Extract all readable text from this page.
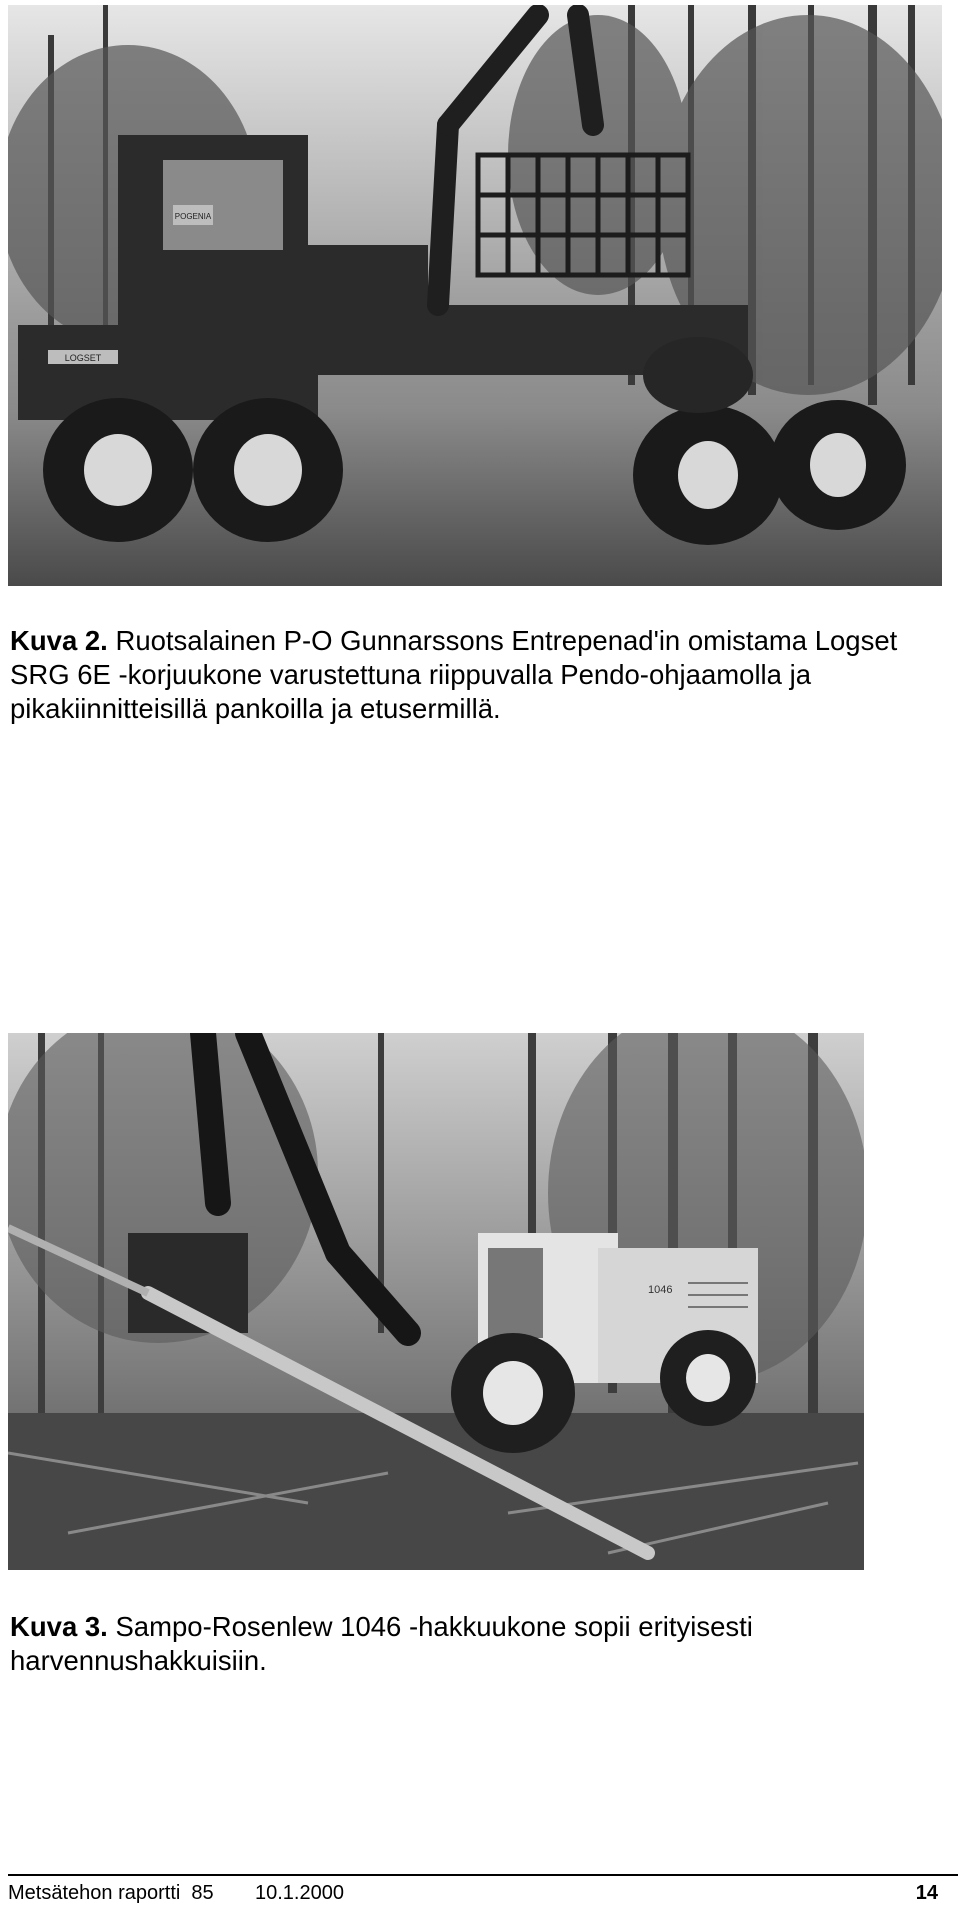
POGENIA
LOGSET

Kuva 2. Ruotsalainen P-O Gunnarssons Entrepenad'in omistama Logset SRG 6E -korjuukone varustettuna riippuvalla Pendo-ohjaamolla ja pikakiinnitteisillä pankoilla ja etusermillä.

1046

Kuva 3. Sampo-Rosenlew 1046 -hakkuukone sopii erityisesti harvennushakkuisiin.

Metsätehon raportti  85 10.1.2000	14
